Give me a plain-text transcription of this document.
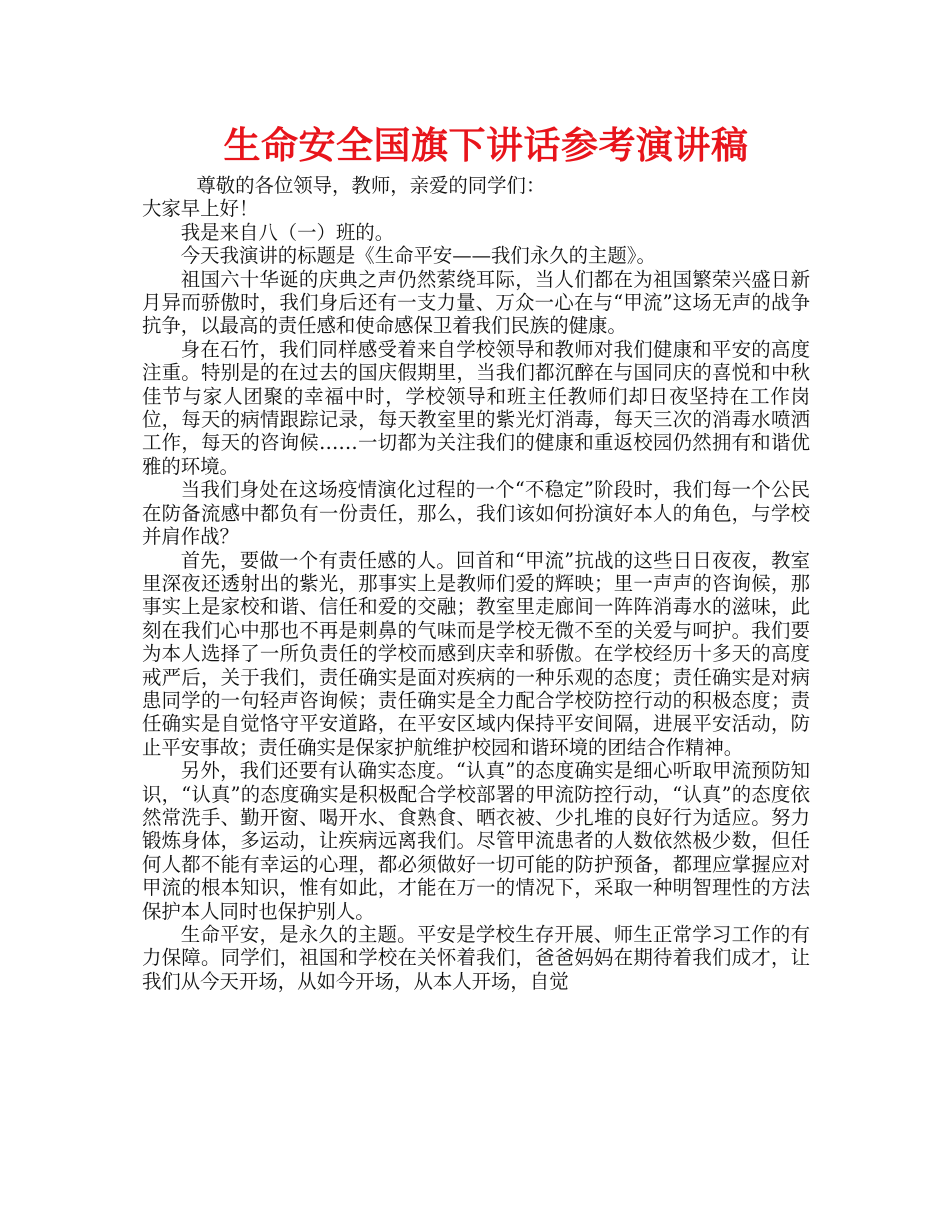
生命安全国旗下讲话参考演讲稿

尊敬的各位领导，教师，亲爱的同学们：

大家早上好！

我是来自八（一）班的。

今天我演讲的标题是《生命平安——我们永久的主题》。

祖国六十华诞的庆典之声仍然萦绕耳际，当人们都在为祖国繁荣兴盛日新月异而骄傲时，我们身后还有一支力量、万众一心在与“甲流”这场无声的战争抗争，以最高的责任感和使命感保卫着我们民族的健康。

身在石竹，我们同样感受着来自学校领导和教师对我们健康和平安的高度注重。特别是的在过去的国庆假期里，当我们都沉醉在与国同庆的喜悦和中秋佳节与家人团聚的幸福中时，学校领导和班主任教师们却日夜坚持在工作岗位，每天的病情跟踪记录，每天教室里的紫光灯消毒，每天三次的消毒水喷洒工作，每天的咨询候……一切都为关注我们的健康和重返校园仍然拥有和谐优雅的环境。

当我们身处在这场疫情演化过程的一个“不稳定”阶段时，我们每一个公民在防备流感中都负有一份责任，那么，我们该如何扮演好本人的角色，与学校并肩作战？

首先，要做一个有责任感的人。回首和“甲流”抗战的这些日日夜夜，教室里深夜还透射出的紫光，那事实上是教师们爱的辉映；里一声声的咨询候，那事实上是家校和谐、信任和爱的交融；教室里走廊间一阵阵消毒水的滋味，此刻在我们心中那也不再是刺鼻的气味而是学校无微不至的关爱与呵护。我们要为本人选择了一所负责任的学校而感到庆幸和骄傲。在学校经历十多天的高度戒严后，关于我们，责任确实是面对疾病的一种乐观的态度；责任确实是对病患同学的一句轻声咨询候；责任确实是全力配合学校防控行动的积极态度；责任确实是自觉恪守平安道路，在平安区域内保持平安间隔，进展平安活动，防止平安事故；责任确实是保家护航维护校园和谐环境的团结合作精神。

另外，我们还要有认确实态度。“认真”的态度确实是细心听取甲流预防知识，“认真”的态度确实是积极配合学校部署的甲流防控行动，“认真”的态度依然常洗手、勤开窗、喝开水、食熟食、晒衣被、少扎堆的良好行为适应。努力锻炼身体，多运动，让疾病远离我们。尽管甲流患者的人数依然极少数，但任何人都不能有幸运的心理，都必须做好一切可能的防护预备，都理应掌握应对甲流的根本知识，惟有如此，才能在万一的情况下，采取一种明智理性的方法保护本人同时也保护别人。

生命平安，是永久的主题。平安是学校生存开展、师生正常学习工作的有力保障。同学们，祖国和学校在关怀着我们，爸爸妈妈在期待着我们成才，让我们从今天开场，从如今开场，从本人开场，自觉
